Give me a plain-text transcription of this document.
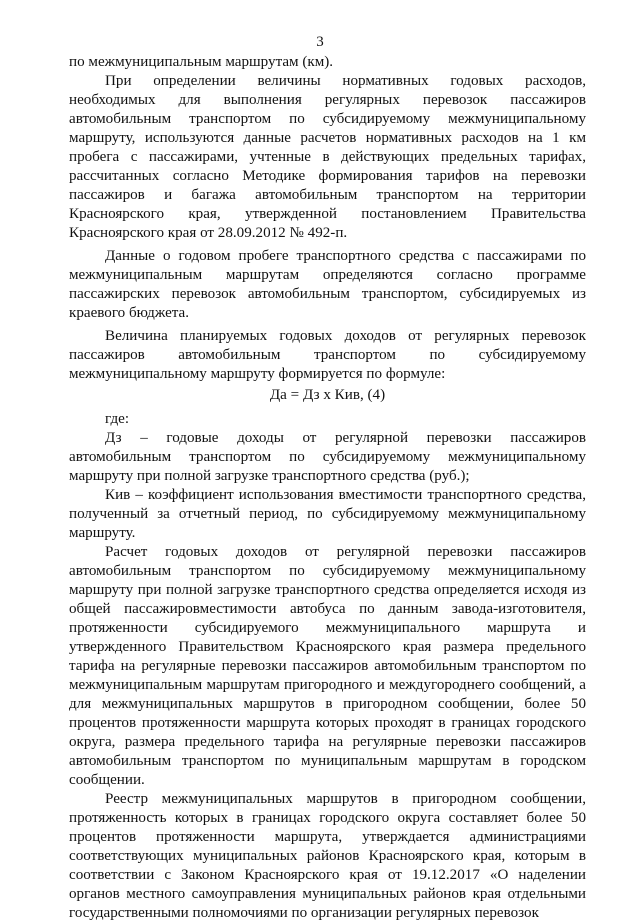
3

по межмуниципальным маршрутам (км).

При определении величины нормативных годовых расходов, необходимых для выполнения регулярных перевозок пассажиров автомобильным транспортом по субсидируемому межмуниципальному маршруту, используются данные расчетов нормативных расходов на 1 км пробега с пассажирами, учтенные в действующих предельных тарифах, рассчитанных согласно Методике формирования тарифов на перевозки пассажиров и багажа автомобильным транспортом на территории Красноярского края, утвержденной постановлением Правительства Красноярского края от 28.09.2012 № 492-п.

Данные о годовом пробеге транспортного средства с пассажирами по межмуниципальным маршрутам определяются согласно программе пассажирских перевозок автомобильным транспортом, субсидируемых из краевого бюджета.

Величина планируемых годовых доходов от регулярных перевозок пассажиров автомобильным транспортом по субсидируемому межмуниципальному маршруту формируется по формуле:

Да = Дз х Кив, (4)

где:

Дз – годовые доходы от регулярной перевозки пассажиров автомобильным транспортом по субсидируемому межмуниципальному маршруту при полной загрузке транспортного средства (руб.);

Кив – коэффициент использования вместимости транспортного средства, полученный за отчетный период, по субсидируемому межмуниципальному маршруту.

Расчет годовых доходов от регулярной перевозки пассажиров автомобильным транспортом по субсидируемому межмуниципальному маршруту при полной загрузке транспортного средства определяется исходя из общей пассажировместимости автобуса по данным завода-изготовителя, протяженности субсидируемого межмуниципального маршрута и утвержденного Правительством Красноярского края размера предельного тарифа на регулярные перевозки пассажиров автомобильным транспортом по межмуниципальным маршрутам пригородного и междугороднего сообщений, а для межмуниципальных маршрутов в пригородном сообщении, более 50 процентов протяженности маршрута которых проходят в границах городского округа, размера предельного тарифа на регулярные перевозки пассажиров автомобильным транспортом по муниципальным маршрутам в городском сообщении.

Реестр межмуниципальных маршрутов в пригородном сообщении, протяженность которых в границах городского округа составляет более 50 процентов протяженности маршрута, утверждается администрациями соответствующих муниципальных районов Красноярского края, которым в соответствии с Законом Красноярского края от 19.12.2017 «О наделении органов местного самоуправления муниципальных районов края отдельными государственными полномочиями по организации регулярных перевозок
